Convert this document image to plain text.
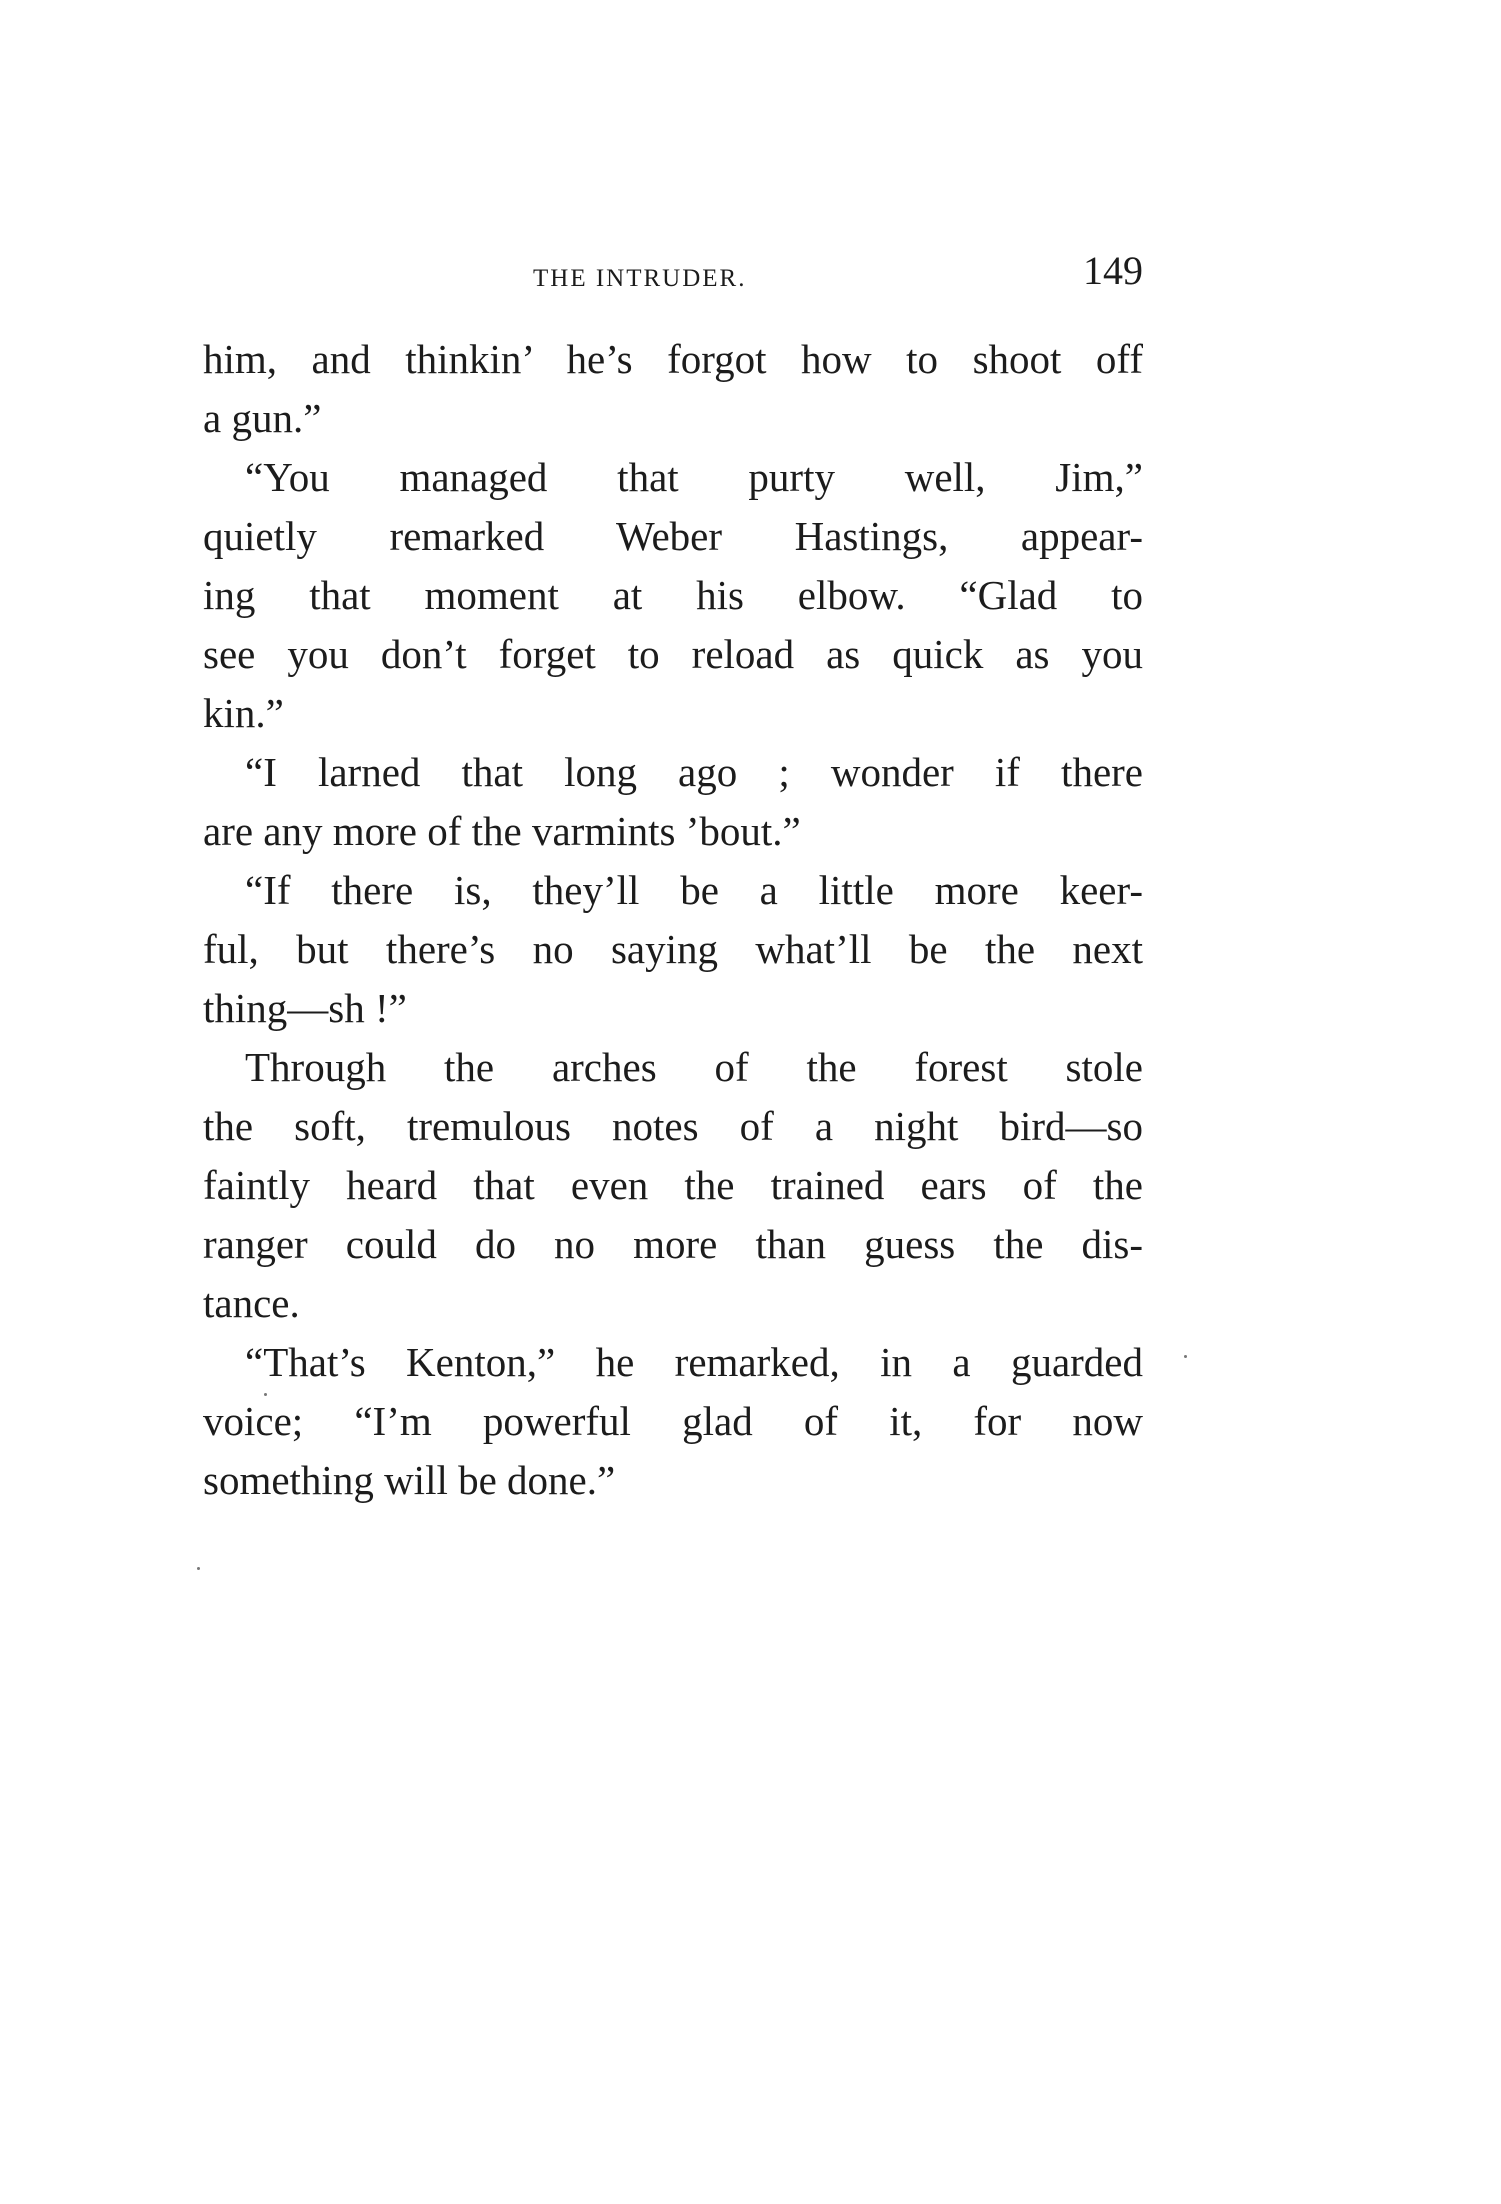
THE INTRUDER.	149
him, and thinkin’ he’s forgot how to shoot off
a gun.”
“You managed that purty well, Jim,”
quietly remarked Weber Hastings, appear-
ing that moment at his elbow. “Glad to
see you don’t forget to reload as quick as you
kin.”
“I larned that long ago ; wonder if there
are any more of the varmints ’bout.”
“If there is, they’ll be a little more keer-
ful, but there’s no saying what’ll be the next
thing—sh !”
Through the arches of the forest stole
the soft, tremulous notes of a night bird—so
faintly heard that even the trained ears of the
ranger could do no more than guess the dis-
tance.
“That’s Kenton,” he remarked, in a guarded
voice; “I’m powerful glad of it, for now
something will be done.”
